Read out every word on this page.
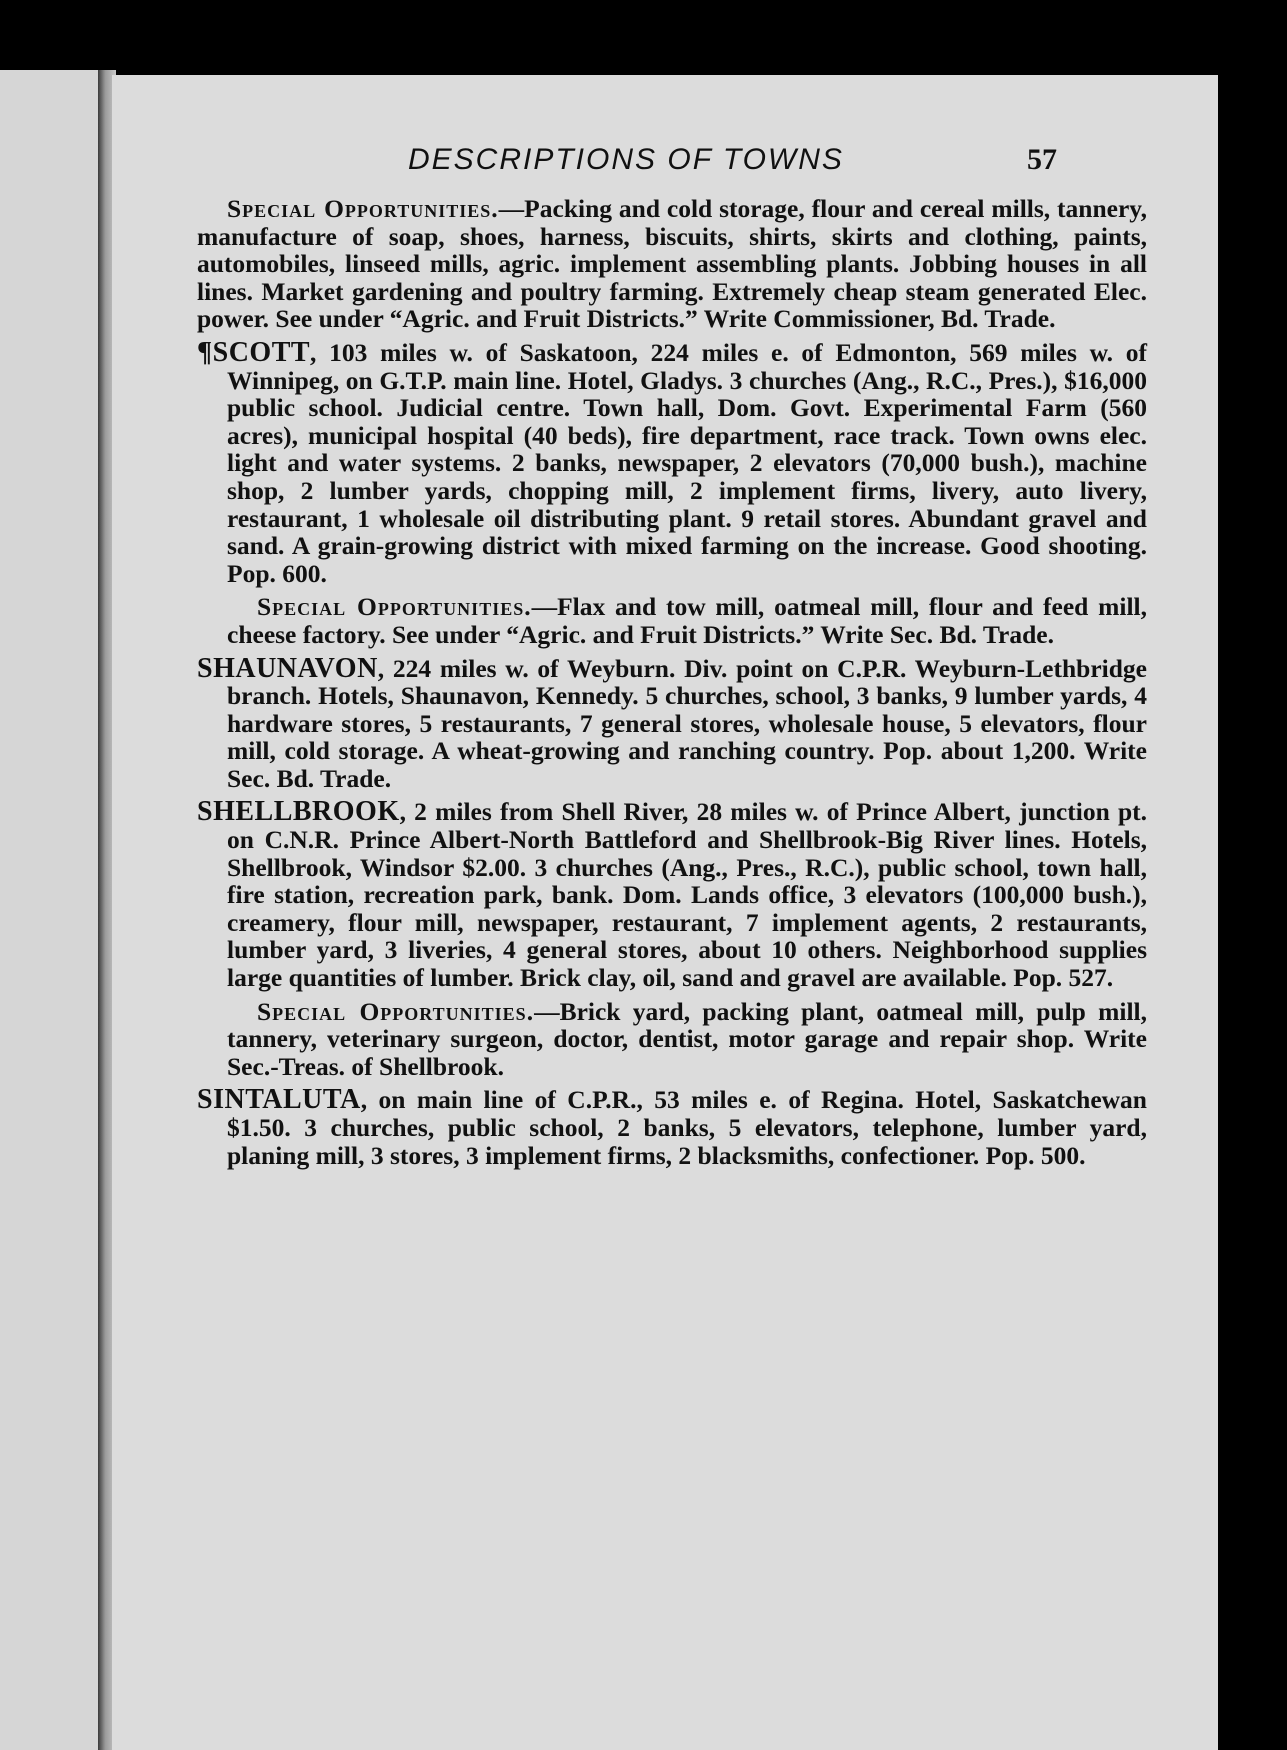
DESCRIPTIONS OF TOWNS	57

Special Opportunities.—Packing and cold storage, flour and cereal mills, tannery, manufacture of soap, shoes, harness, biscuits, shirts, skirts and clothing, paints, automobiles, linseed mills, agric. implement assembling plants. Jobbing houses in all lines. Market gardening and poultry farming. Extremely cheap steam generated Elec. power. See under “Agric. and Fruit Districts.” Write Commissioner, Bd. Trade.

¶SCOTT, 103 miles w. of Saskatoon, 224 miles e. of Edmonton, 569 miles w. of Winnipeg, on G.T.P. main line. Hotel, Gladys. 3 churches (Ang., R.C., Pres.), $16,000 public school. Judicial centre. Town hall, Dom. Govt. Experimental Farm (560 acres), municipal hospital (40 beds), fire department, race track. Town owns elec. light and water systems. 2 banks, newspaper, 2 elevators (70,000 bush.), machine shop, 2 lumber yards, chopping mill, 2 implement firms, livery, auto livery, restaurant, 1 wholesale oil distributing plant. 9 retail stores. Abundant gravel and sand. A grain-growing district with mixed farming on the increase. Good shooting. Pop. 600.

Special Opportunities.—Flax and tow mill, oatmeal mill, flour and feed mill, cheese factory. See under “Agric. and Fruit Districts.” Write Sec. Bd. Trade.

SHAUNAVON, 224 miles w. of Weyburn. Div. point on C.P.R. Weyburn-Lethbridge branch. Hotels, Shaunavon, Kennedy. 5 churches, school, 3 banks, 9 lumber yards, 4 hardware stores, 5 restaurants, 7 general stores, wholesale house, 5 elevators, flour mill, cold storage. A wheat-growing and ranching country. Pop. about 1,200. Write Sec. Bd. Trade.

SHELLBROOK, 2 miles from Shell River, 28 miles w. of Prince Albert, junction pt. on C.N.R. Prince Albert-North Battleford and Shellbrook-Big River lines. Hotels, Shellbrook, Windsor $2.00. 3 churches (Ang., Pres., R.C.), public school, town hall, fire station, recreation park, bank. Dom. Lands office, 3 elevators (100,000 bush.), creamery, flour mill, newspaper, restaurant, 7 implement agents, 2 restaurants, lumber yard, 3 liveries, 4 general stores, about 10 others. Neighborhood supplies large quantities of lumber. Brick clay, oil, sand and gravel are available. Pop. 527.

Special Opportunities.—Brick yard, packing plant, oatmeal mill, pulp mill, tannery, veterinary surgeon, doctor, dentist, motor garage and repair shop. Write Sec.-Treas. of Shellbrook.

SINTALUTA, on main line of C.P.R., 53 miles e. of Regina. Hotel, Saskatchewan $1.50. 3 churches, public school, 2 banks, 5 elevators, telephone, lumber yard, planing mill, 3 stores, 3 implement firms, 2 blacksmiths, confectioner. Pop. 500.
